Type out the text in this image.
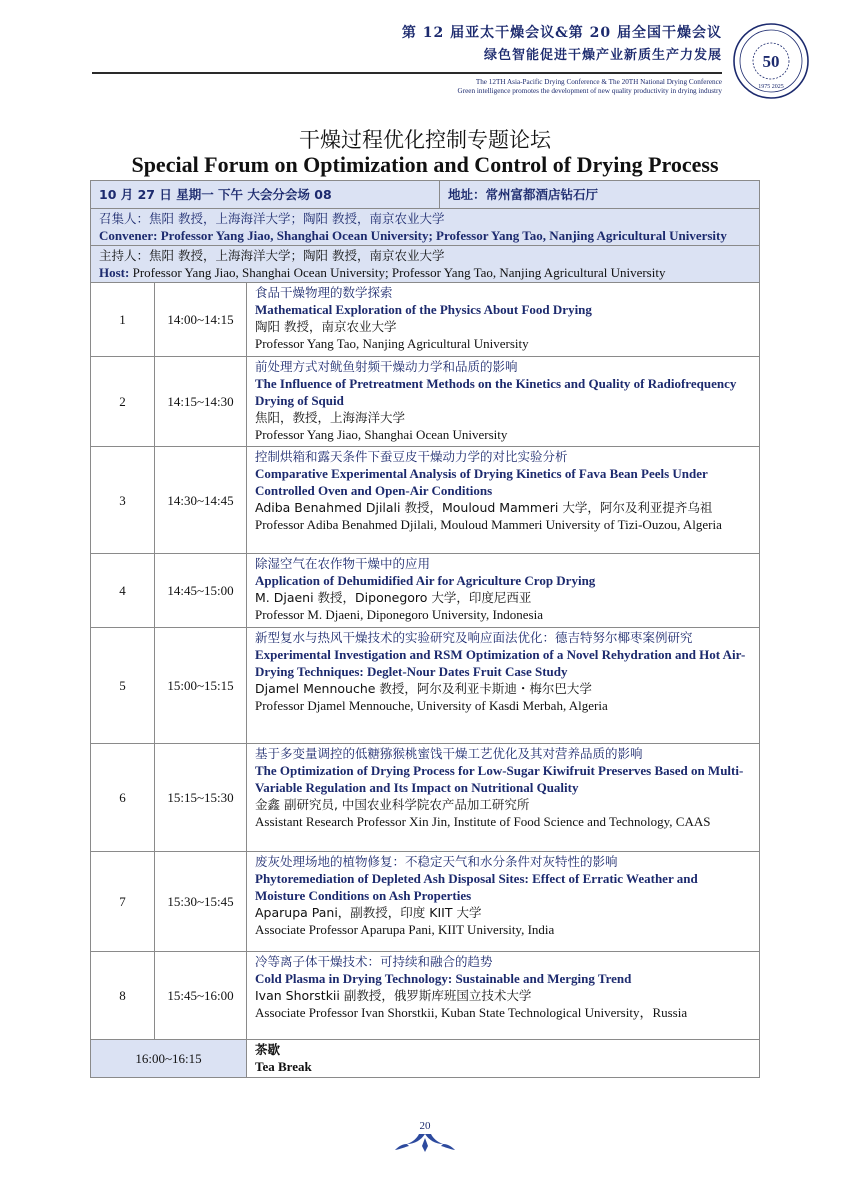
第 12 届亚太干燥会议&第 20 届全国干燥会议
绿色智能促进干燥产业新质生产力发展
The 12TH Asia-Pacific Drying Conference & The 20TH National Drying Conference
Green intelligence promotes the development of new quality productivity in drying industry
50
1975 2025
干燥过程优化控制专题论坛
Special Forum on Optimization and Control of Drying Process
10 月 27 日 星期一 下午 大会分会场 08 地址：常州富都酒店钻石厅		

召集人：焦阳 教授，上海海洋大学；陶阳 教授，南京农业大学
Convener: Professor Yang Jiao, Shanghai Ocean University; Professor Yang Tao, Nanjing Agricultural University		

主持人：焦阳 教授，上海海洋大学；陶阳 教授，南京农业大学
Host: Professor Yang Jiao, Shanghai Ocean University; Professor Yang Tao, Nanjing Agricultural University		

1	14:00~14:15	食品干燥物理的数学探索
Mathematical Exploration of the Physics About Food Drying
陶阳 教授，南京农业大学
Professor Yang Tao, Nanjing Agricultural University

2	14:15~14:30	前处理方式对鱿鱼射频干燥动力学和品质的影响
The Influence of Pretreatment Methods on the Kinetics and Quality of Radiofrequency Drying of Squid
焦阳，教授，上海海洋大学
Professor Yang Jiao, Shanghai Ocean University

3	14:30~14:45	控制烘箱和露天条件下蚕豆皮干燥动力学的对比实验分析
Comparative Experimental Analysis of Drying Kinetics of Fava Bean Peels Under Controlled Oven and Open-Air Conditions
Adiba Benahmed Djilali 教授，Mouloud Mammeri 大学，阿尔及利亚提齐乌祖
Professor Adiba Benahmed Djilali, Mouloud Mammeri University of Tizi-Ouzou, Algeria

4	14:45~15:00	除湿空气在农作物干燥中的应用
Application of Dehumidified Air for Agriculture Crop Drying
M. Djaeni 教授，Diponegoro 大学，印度尼西亚
Professor M. Djaeni, Diponegoro University, Indonesia

5	15:00~15:15	新型复水与热风干燥技术的实验研究及响应面法优化：德吉特努尔椰枣案例研究
Experimental Investigation and RSM Optimization of a Novel Rehydration and Hot Air-Drying Techniques: Deglet-Nour Dates Fruit Case Study
Djamel Mennouche 教授，阿尔及利亚卡斯迪・梅尔巴大学
Professor Djamel Mennouche, University of Kasdi Merbah, Algeria

6	15:15~15:30	基于多变量调控的低糖猕猴桃蜜饯干燥工艺优化及其对营养品质的影响
The Optimization of Drying Process for Low-Sugar Kiwifruit Preserves Based on Multi-Variable Regulation and Its Impact on Nutritional Quality
金鑫 副研究员, 中国农业科学院农产品加工研究所
Assistant Research Professor Xin Jin, Institute of Food Science and Technology, CAAS

7	15:30~15:45	废灰处理场地的植物修复：不稳定天气和水分条件对灰特性的影响
Phytoremediation of Depleted Ash Disposal Sites: Effect of Erratic Weather and Moisture Conditions on Ash Properties
Aparupa Pani，副教授，印度 KIIT 大学
Associate Professor Aparupa Pani, KIIT University, India

8	15:45~16:00	冷等离子体干燥技术：可持续和融合的趋势
Cold Plasma in Drying Technology: Sustainable and Merging Trend
Ivan Shorstkii 副教授，俄罗斯库班国立技术大学
Associate Professor Ivan Shorstkii, Kuban State Technological University，Russia

16:00~16:15		茶歇
Tea Break
20
